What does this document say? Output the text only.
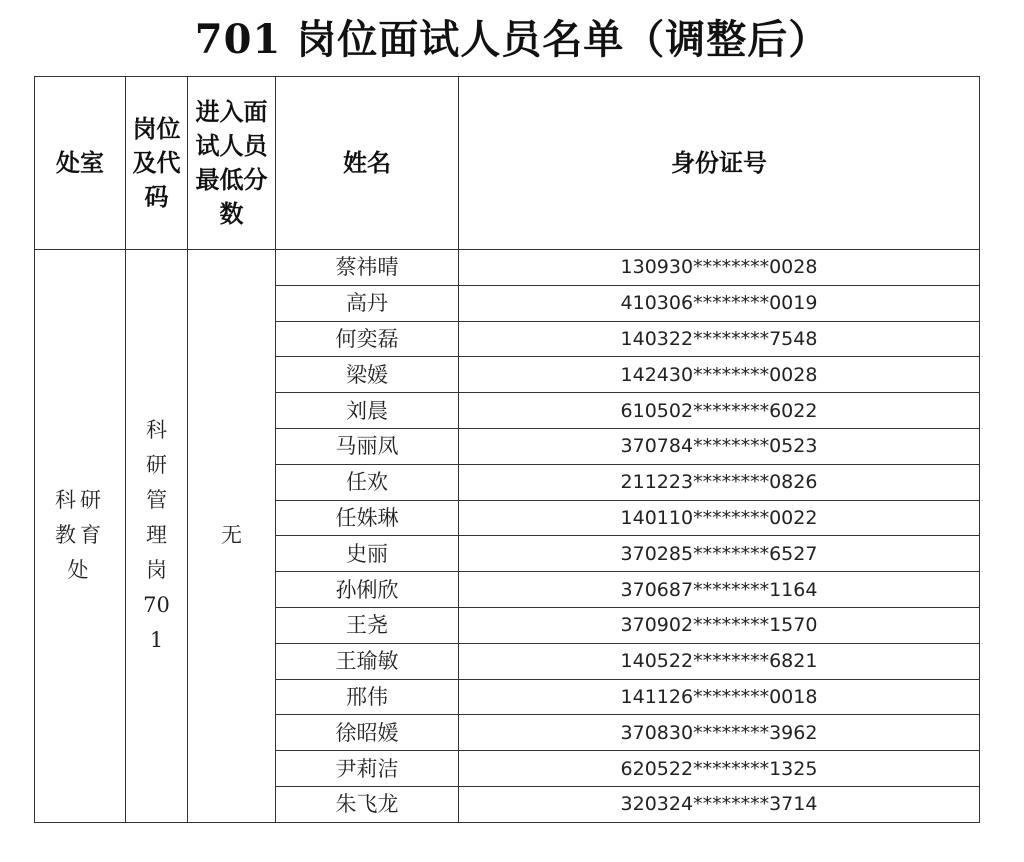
701 岗位面试人员名单（调整后）
处室	岗位及代码	进入面试人员最低分数	姓名	身份证号
科研教育处	科研管理岗701	无	蔡祎晴	130930********0028
			高丹	410306********0019
			何奕磊	140322********7548
			梁媛	142430********0028
			刘晨	610502********6022
			马丽凤	370784********0523
			任欢	211223********0826
			任姝琳	140110********0022
			史丽	370285********6527
			孙俐欣	370687********1164
			王尧	370902********1570
			王瑜敏	140522********6821
			邢伟	141126********0018
			徐昭媛	370830********3962
			尹莉洁	620522********1325
			朱飞龙	320324********3714
